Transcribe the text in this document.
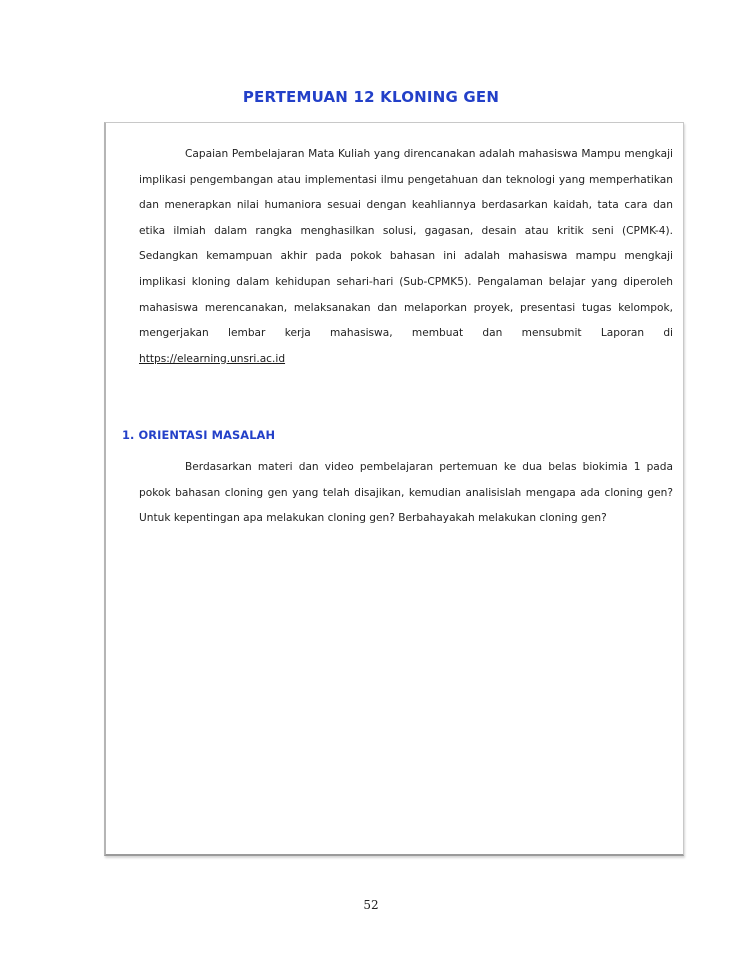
PERTEMUAN 12 KLONING GEN

Capaian Pembelajaran Mata Kuliah yang direncanakan adalah mahasiswa Mampu mengkaji implikasi pengembangan atau implementasi ilmu pengetahuan dan teknologi yang memperhatikan dan menerapkan nilai humaniora sesuai dengan keahliannya berdasarkan kaidah, tata cara dan etika ilmiah dalam rangka menghasilkan solusi, gagasan, desain atau kritik seni (CPMK-4). Sedangkan kemampuan akhir pada pokok bahasan ini adalah mahasiswa mampu mengkaji implikasi kloning dalam kehidupan sehari-hari (Sub-CPMK5). Pengalaman belajar yang diperoleh mahasiswa merencanakan, melaksanakan dan melaporkan proyek, presentasi tugas kelompok, mengerjakan lembar kerja mahasiswa, membuat dan mensubmit Laporan di https://elearning.unsri.ac.id

1. ORIENTASI MASALAH

Berdasarkan materi dan video pembelajaran pertemuan ke dua belas biokimia 1 pada pokok bahasan cloning gen yang telah disajikan, kemudian analisislah mengapa ada cloning gen? Untuk kepentingan apa melakukan cloning gen? Berbahayakah melakukan cloning gen?

52
